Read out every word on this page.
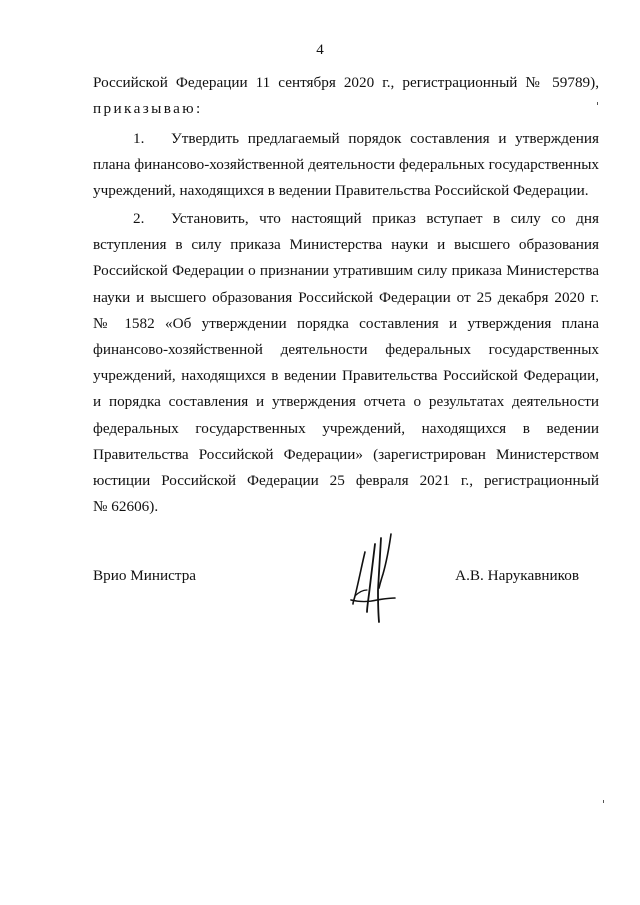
4
Российской Федерации 11 сентября 2020 г., регистрационный № 59789),
приказываю:
1. Утвердить предлагаемый порядок составления и утверждения
плана финансово-хозяйственной деятельности федеральных государственных
учреждений, находящихся в ведении Правительства Российской Федерации.
2. Установить, что настоящий приказ вступает в силу со дня
вступления в силу приказа Министерства науки и высшего образования
Российской Федерации о признании утратившим силу приказа Министерства
науки и высшего образования Российской Федерации от 25 декабря 2020 г.
№ 1582 «Об утверждении порядка составления и утверждения плана
финансово-хозяйственной деятельности федеральных государственных
учреждений, находящихся в ведении Правительства Российской Федерации,
и порядка составления и утверждения отчета о результатах деятельности
федеральных государственных учреждений, находящихся в ведении
Правительства Российской Федерации» (зарегистрирован Министерством
юстиции Российской Федерации 25 февраля 2021 г., регистрационный
№ 62606).
Врио Министра	А.В. Нарукавников
